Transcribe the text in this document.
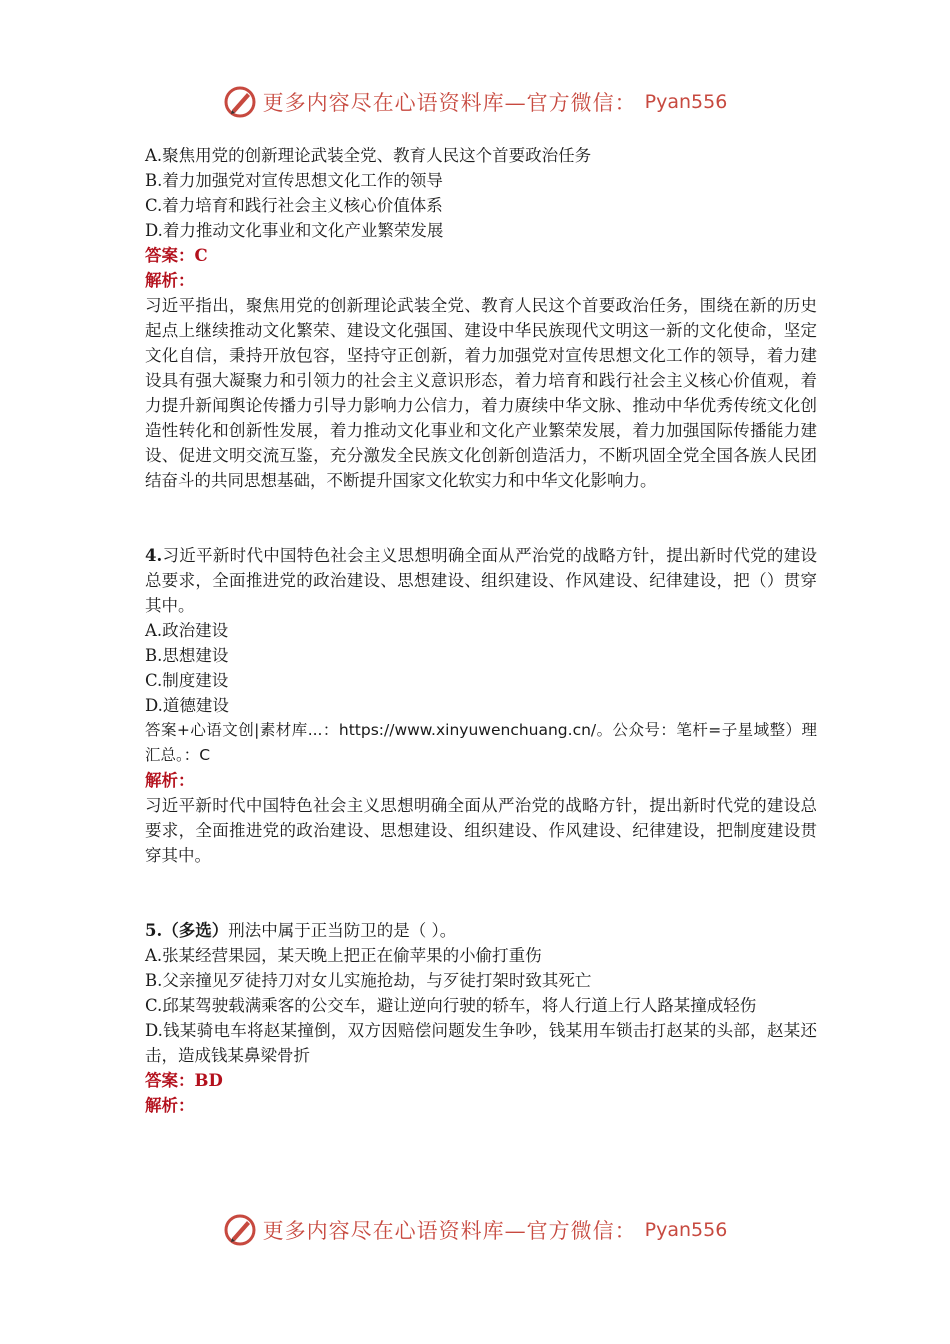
更多内容尽在心语资料库—官方微信： Pyan556
A.聚焦用党的创新理论武装全党、教育人民这个首要政治任务
B.着力加强党对宣传思想文化工作的领导
C.着力培育和践行社会主义核心价值体系
D.着力推动文化事业和文化产业繁荣发展
答案：C
解析：
习近平指出，聚焦用党的创新理论武装全党、教育人民这个首要政治任务，围绕在新的历史起点上继续推动文化繁荣、建设文化强国、建设中华民族现代文明这一新的文化使命，坚定文化自信，秉持开放包容，坚持守正创新，着力加强党对宣传思想文化工作的领导，着力建设具有强大凝聚力和引领力的社会主义意识形态，着力培育和践行社会主义核心价值观，着力提升新闻舆论传播力引导力影响力公信力，着力赓续中华文脉、推动中华优秀传统文化创造性转化和创新性发展，着力推动文化事业和文化产业繁荣发展，着力加强国际传播能力建设、促进文明交流互鉴，充分激发全民族文化创新创造活力，不断巩固全党全国各族人民团结奋斗的共同思想基础，不断提升国家文化软实力和中华文化影响力。
4.习近平新时代中国特色社会主义思想明确全面从严治党的战略方针，提出新时代党的建设总要求，全面推进党的政治建设、思想建设、组织建设、作风建设、纪律建设，把（）贯穿其中。
A.政治建设
B.思想建设
C.制度建设
D.道德建设
答案+心语文创|素材库...：https://www.xinyuwenchuang.cn/。公众号：笔杆=子星域整）理汇总。：C
解析：
习近平新时代中国特色社会主义思想明确全面从严治党的战略方针，提出新时代党的建设总要求，全面推进党的政治建设、思想建设、组织建设、作风建设、纪律建设，把制度建设贯穿其中。
5.（多选）刑法中属于正当防卫的是（ ）。
A.张某经营果园，某天晚上把正在偷苹果的小偷打重伤
B.父亲撞见歹徒持刀对女儿实施抢劫，与歹徒打架时致其死亡
C.邱某驾驶载满乘客的公交车，避让逆向行驶的轿车，将人行道上行人路某撞成轻伤
D.钱某骑电车将赵某撞倒，双方因赔偿问题发生争吵，钱某用车锁击打赵某的头部，赵某还击，造成钱某鼻梁骨折
答案：BD
解析：
更多内容尽在心语资料库—官方微信： Pyan556
